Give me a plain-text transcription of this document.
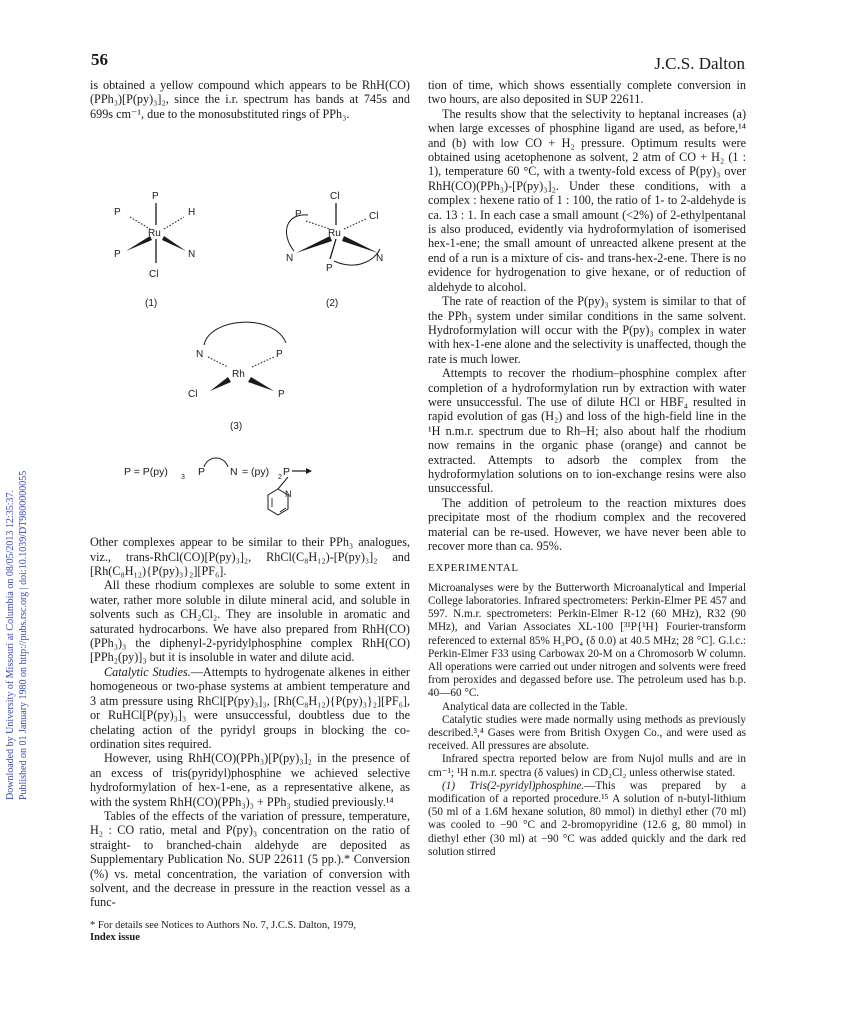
56	J.C.S. Dalton
Downloaded by University of Missouri at Columbia on 08/05/2013 12:35:37. Published on 01 January 1980 on http://pubs.rsc.org | doi:10.1039/DT9800000055

is obtained a yellow compound which appears to be RhH(CO)(PPh₃)[P(py)₃]₂, since the i.r. spectrum has bands at 745s and 699s cm⁻¹, due to the monosubstituted rings of PPh₃.

P
P	H
Ru
P	N
Cl
(1)
Cl
P	Cl
Ru
N	N
P
(2)
N
Rh
P
Cl	P
(3)
P = P(py) 3 P N = (py) 2 P
N

Other complexes appear to be similar to their PPh₃ analogues, viz., trans-RhCl(CO)[P(py)₃]₂, RhCl(C₈H₁₂)-[P(py)₃]₂ and [Rh(C₈H₁₂){P(py)₃}₂][PF₆].

All these rhodium complexes are soluble to some extent in water, rather more soluble in dilute mineral acid, and soluble in solvents such as CH₂Cl₂. They are insoluble in aromatic and saturated hydrocarbons. We have also prepared from RhH(CO)(PPh₃)₃ the diphenyl-2-pyridylphosphine complex RhH(CO)[PPh₂(py)]₃ but it is insoluble in water and dilute acid.

Catalytic Studies.—Attempts to hydrogenate alkenes in either homogeneous or two-phase systems at ambient temperature and 3 atm pressure using RhCl[P(py)₃]₃, [Rh(C₈H₁₂){P(py)₃}₂][PF₆], or RuHCl[P(py)₃]₃ were unsuccessful, doubtless due to the chelating action of the pyridyl groups in blocking the co-ordination sites required.

However, using RhH(CO)(PPh₃)[P(py)₃]₂ in the presence of an excess of tris(pyridyl)phosphine we achieved selective hydroformylation of hex-1-ene, as a representative alkene, as with the system RhH(CO)(PPh₃)₃ + PPh₃ studied previously.¹⁴

Tables of the effects of the variation of pressure, temperature, H₂ : CO ratio, metal and P(py)₃ concentration on the ratio of straight- to branched-chain aldehyde are deposited as Supplementary Publication No. SUP 22611 (5 pp.).* Conversion (%) vs. metal concentration, the variation of conversion with solvent, and the decrease in pressure in the reaction vessel as a func-

* For details see Notices to Authors No. 7, J.C.S. Dalton, 1979,
Index issue

tion of time, which shows essentially complete conversion in two hours, are also deposited in SUP 22611.

The results show that the selectivity to heptanal increases (a) when large excesses of phosphine ligand are used, as before,¹⁴ and (b) with low CO + H₂ pressure. Optimum results were obtained using acetophenone as solvent, 2 atm of CO + H₂ (1 : 1), temperature 60 °C, with a twenty-fold excess of P(py)₃ over RhH(CO)(PPh₃)-[P(py)₃]₂. Under these conditions, with a complex : hexene ratio of 1 : 100, the ratio of 1- to 2-aldehyde is ca. 13 : 1. In each case a small amount (<2%) of 2-ethylpentanal is also produced, evidently via hydroformylation of isomerised hex-1-ene; the small amount of unreacted alkene present at the end of a run is a mixture of cis- and trans-hex-2-ene. There is no evidence for hydrogenation to give hexane, or of reduction of aldehyde to alcohol.

The rate of reaction of the P(py)₃ system is similar to that of the PPh₃ system under similar conditions in the same solvent. Hydroformylation will occur with the P(py)₃ complex in water with hex-1-ene alone and the selectivity is unaffected, though the rate is much lower.

Attempts to recover the rhodium–phosphine complex after completion of a hydroformylation run by extraction with water were unsuccessful. The use of dilute HCl or HBF₄ resulted in rapid evolution of gas (H₂) and loss of the high-field line in the ¹H n.m.r. spectrum due to Rh–H; also about half the rhodium now remains in the organic phase (orange) and cannot be extracted. Attempts to adsorb the complex from the hydroformylation solutions on to ion-exchange resins were also unsuccessful.

The addition of petroleum to the reaction mixtures does precipitate most of the rhodium complex and the recovered material can be re-used. However, we have never been able to recover more than ca. 95%.

EXPERIMENTAL

Microanalyses were by the Butterworth Microanalytical and Imperial College laboratories. Infrared spectrometers: Perkin-Elmer PE 457 and 597. N.m.r. spectrometers: Perkin-Elmer R-12 (60 MHz), R32 (90 MHz), and Varian Associates XL-100 [³¹P{¹H} Fourier-transform referenced to external 85% H₃PO₄ (δ 0.0) at 40.5 MHz; 28 °C]. G.l.c.: Perkin-Elmer F33 using Carbowax 20-M on a Chromosorb W column. All operations were carried out under nitrogen and solvents were freed from peroxides and degassed before use. The petroleum used has b.p. 40—60 °C.

Analytical data are collected in the Table.

Catalytic studies were made normally using methods as previously described.³,⁴ Gases were from British Oxygen Co., and were used as received. All pressures are absolute.

Infrared spectra reported below are from Nujol mulls and are in cm⁻¹; ¹H n.m.r. spectra (δ values) in CD₂Cl₂ unless otherwise stated.

(1) Tris(2-pyridyl)phosphine.—This was prepared by a modification of a reported procedure.¹⁵ A solution of n-butyl-lithium (50 ml of a 1.6M hexane solution, 80 mmol) in diethyl ether (70 ml) was cooled to −90 °C and 2-bromopyridine (12.6 g, 80 mmol) in diethyl ether (30 ml) at −90 °C was added quickly and the dark red solution stirred
